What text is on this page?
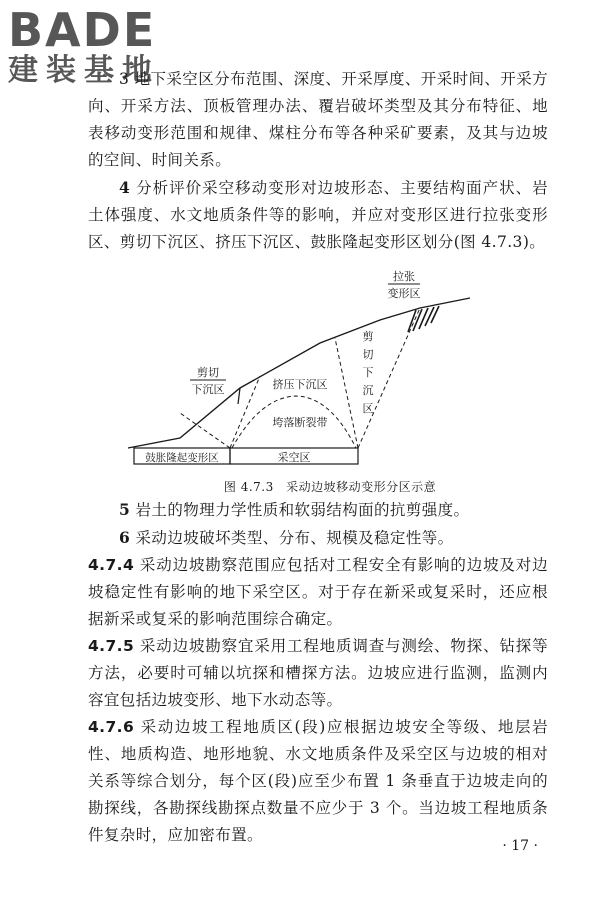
BADE
建装基地

3 地下采空区分布范围、深度、开采厚度、开采时间、开采方向、开采方法、顶板管理办法、覆岩破坏类型及其分布特征、地表移动变形范围和规律、煤柱分布等各种采矿要素，及其与边坡的空间、时间关系。

4 分析评价采空移动变形对边坡形态、主要结构面产状、岩土体强度、水文地质条件等的影响，并应对变形区进行拉张变形区、剪切下沉区、挤压下沉区、鼓胀隆起变形区划分(图 4.7.3)。

采空区
鼓胀隆起变形区
拉张
变形区
剪切
下沉区	挤压下沉区
垮落断裂带
剪
切
下
沉
区
图 4.7.3 采动边坡移动变形分区示意

5 岩土的物理力学性质和软弱结构面的抗剪强度。

6 采动边坡破坏类型、分布、规模及稳定性等。

4.7.4 采动边坡勘察范围应包括对工程安全有影响的边坡及对边坡稳定性有影响的地下采空区。对于存在新采或复采时，还应根据新采或复采的影响范围综合确定。

4.7.5 采动边坡勘察宜采用工程地质调查与测绘、物探、钻探等方法，必要时可辅以坑探和槽探方法。边坡应进行监测，监测内容宜包括边坡变形、地下水动态等。

4.7.6 采动边坡工程地质区(段)应根据边坡安全等级、地层岩性、地质构造、地形地貌、水文地质条件及采空区与边坡的相对关系等综合划分，每个区(段)应至少布置 1 条垂直于边坡走向的勘探线，各勘探线勘探点数量不应少于 3 个。当边坡工程地质条件复杂时，应加密布置。

· 17 ·
